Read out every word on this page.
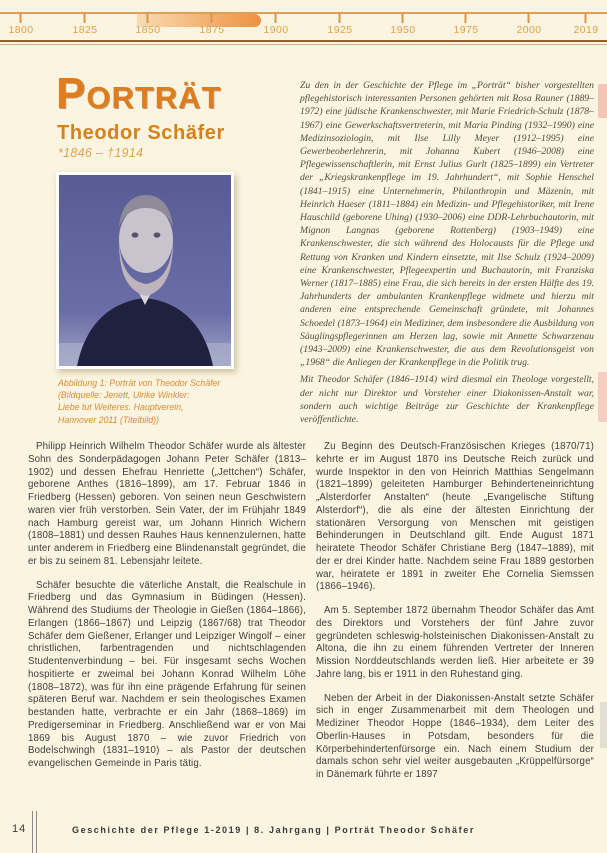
1800	1825	1850	1875	1900	1925	1950	1975	2000	2019
PORTRÄT
Theodor Schäfer
*1846 – †1914
Abbildung 1: Porträt von Theodor Schäfer
(Bildquelle: Jenett, Ulrike Winkler:
Liebe tut Weiteres. Hauptverein,
Hannover 2011 (Titelbild))

Zu den in der Geschichte der Pflege im „Porträt“ bisher vorgestellten pflegehistorisch interessanten Personen gehörten mit Rosa Rauner (1889–1972) eine jüdische Krankenschwester, mit Marie Friedrich-Schulz (1878–1967) eine Gewerkschaftsvertreterin, mit Maria Pinding (1932–1990) eine Medizinsoziologin, mit Ilse Lilly Meyer (1912–1995) eine Gewerbeoberlehrerin, mit Johanna Kubert (1946–2008) eine Pflegewissenschaftlerin, mit Ernst Julius Gurlt (1825–1899) ein Vertreter der „Kriegskrankenpflege im 19. Jahrhundert“, mit Sophie Henschel (1841–1915) eine Unternehmerin, Philanthropin und Mäzenin, mit Heinrich Haeser (1811–1884) ein Medizin- und Pflegehistoriker, mit Irene Hauschild (geborene Uhing) (1930–2006) eine DDR-Lehrbuchautorin, mit Mignon Langnas (geborene Rottenberg) (1903–1949) eine Krankenschwester, die sich während des Holocausts für die Pflege und Rettung von Kranken und Kindern einsetzte, mit Ilse Schulz (1924–2009) eine Krankenschwester, Pflegeexpertin und Buchautorin, mit Franziska Werner (1817–1885) eine Frau, die sich bereits in der ersten Hälfte des 19. Jahrhunderts der ambulanten Krankenpflege widmete und hierzu mit anderen eine entsprechende Gemeinschaft gründete, mit Johannes Schoedel (1873–1964) ein Mediziner, dem insbesondere die Ausbildung von Säuglingspflegerinnen am Herzen lag, sowie mit Annette Schwarzenau (1943–2009) eine Krankenschwester, die aus dem Revolutionsgeist von „1968“ die Anliegen der Krankenpflege in die Politik trug.

Mit Theodor Schäfer (1846–1914) wird diesmal ein Theologe vorgestellt, der nicht nur Direktor und Vorsteher einer Diakonissen-Anstalt war, sondern auch wichtige Beiträge zur Geschichte der Krankenpflege veröffentlichte.

Philipp Heinrich Wilhelm Theodor Schäfer wurde als ältester Sohn des Sonderpädagogen Johann Peter Schäfer (1813–1902) und dessen Ehefrau Henriette („Jettchen“) Schäfer, geborene Anthes (1816–1899), am 17. Februar 1846 in Friedberg (Hessen) geboren. Von seinen neun Geschwistern waren vier früh verstorben. Sein Vater, der im Frühjahr 1849 nach Hamburg gereist war, um Johann Hinrich Wichern (1808–1881) und dessen Rauhes Haus kennenzulernen, hatte unter anderem in Friedberg eine Blindenanstalt gegründet, die er bis zu seinem 81. Lebensjahr leitete.

Schäfer besuchte die väterliche Anstalt, die Realschule in Friedberg und das Gymnasium in Büdingen (Hessen). Während des Studiums der Theologie in Gießen (1864–1866), Erlangen (1866–1867) und Leipzig (1867/68) trat Theodor Schäfer dem Gießener, Erlanger und Leipziger Wingolf – einer christlichen, farbentragenden und nichtschlagenden Studentenverbindung – bei. Für insgesamt sechs Wochen hospitierte er zweimal bei Johann Konrad Wilhelm Löhe (1808–1872), was für ihn eine prägende Erfahrung für seinen späteren Beruf war. Nachdem er sein theologisches Examen bestanden hatte, verbrachte er ein Jahr (1868–1869) im Predigerseminar in Friedberg. Anschließend war er von Mai 1869 bis August 1870 – wie zuvor Friedrich von Bodelschwingh (1831–1910) – als Pastor der deutschen evangelischen Gemeinde in Paris tätig.

Zu Beginn des Deutsch-Französischen Krieges (1870/71) kehrte er im August 1870 ins Deutsche Reich zurück und wurde Inspektor in den von Heinrich Matthias Sengelmann (1821–1899) geleiteten Hamburger Behinderteneinrichtung „Alsterdorfer Anstalten“ (heute „Evangelische Stiftung Alsterdorf“), die als eine der ältesten Einrichtung der stationären Versorgung von Menschen mit geistigen Behinderungen in Deutschland gilt. Ende August 1871 heiratete Theodor Schäfer Christiane Berg (1847–1889), mit der er drei Kinder hatte. Nachdem seine Frau 1889 gestorben war, heiratete er 1891 in zweiter Ehe Cornelia Siemssen (1866–1946).

Am 5. September 1872 übernahm Theodor Schäfer das Amt des Direktors und Vorstehers der fünf Jahre zuvor gegründeten schleswig-holsteinischen Diakonissen-Anstalt zu Altona, die ihn zu einem führenden Vertreter der Inneren Mission Norddeutschlands werden ließ. Hier arbeitete er 39 Jahre lang, bis er 1911 in den Ruhestand ging.

Neben der Arbeit in der Diakonissen-Anstalt setzte Schäfer sich in enger Zusammenarbeit mit dem Theologen und Mediziner Theodor Hoppe (1846–1934), dem Leiter des Oberlin-Hauses in Potsdam, besonders für die Körperbehindertenfürsorge ein. Nach einem Studium der damals schon sehr viel weiter ausgebauten „Krüppelfürsorge“ in Dänemark führte er 1897

14	Geschichte der Pflege 1-2019 | 8. Jahrgang | Porträt Theodor Schäfer
